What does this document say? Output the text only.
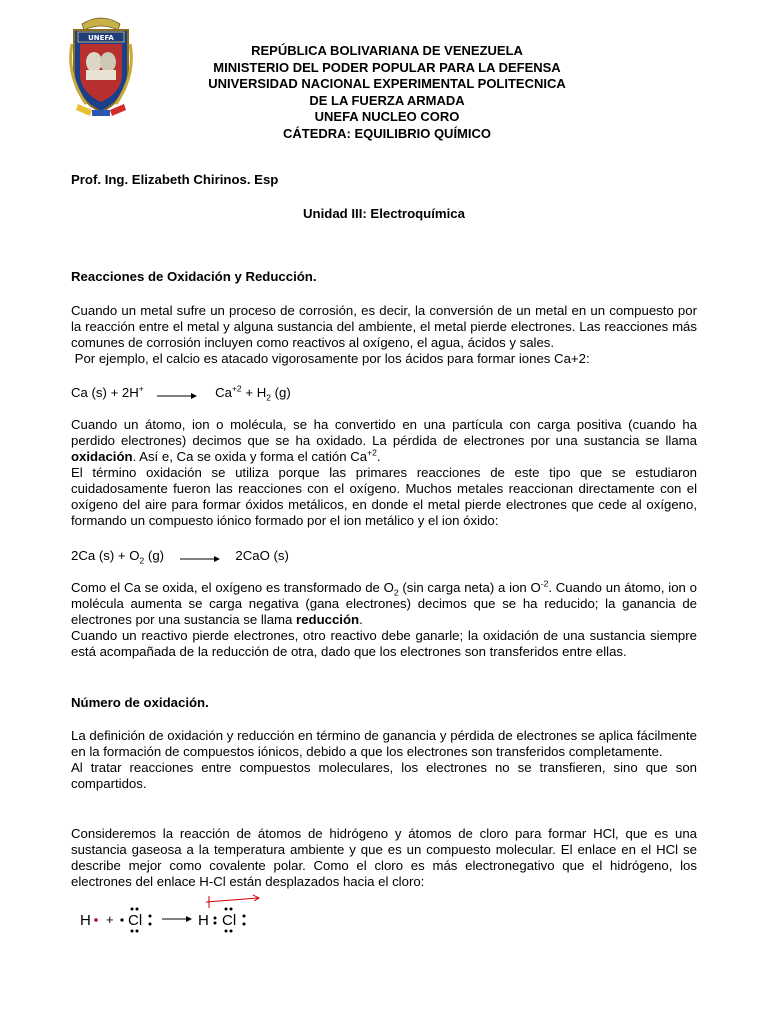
UNEFA
REPÚBLICA BOLIVARIANA DE VENEZUELA
MINISTERIO DEL PODER POPULAR PARA LA DEFENSA
UNIVERSIDAD NACIONAL EXPERIMENTAL POLITECNICA
DE LA FUERZA ARMADA
UNEFA NUCLEO CORO
CÁTEDRA: EQUILIBRIO QUÍMICO
Prof. Ing. Elizabeth Chirinos. Esp
Unidad III: Electroquímica
Reacciones de Oxidación y Reducción.

Cuando un metal sufre un proceso de corrosión, es decir, la conversión de un metal en un compuesto por la reacción entre el metal y alguna sustancia del ambiente, el metal pierde electrones. Las reacciones más comunes de corrosión incluyen como reactivos al oxígeno, el agua, ácidos y sales.

Por ejemplo, el calcio es atacado vigorosamente por los ácidos para formar iones Ca+2:
Ca $(s) + 2H^+ \to Ca^{+2} + H_2$ (g)

Cuando un átomo, ion o molécula, se ha convertido en una partícula con carga positiva (cuando ha perdido electrones) decimos que se ha oxidado. La pérdida de electrones por una sustancia se llama oxidación. Así e, Ca se oxida y forma el catión $Ca^{+2}$.

El término oxidación se utiliza porque las primares reacciones de este tipo que se estudiaron cuidadosamente fueron las reacciones con el oxígeno. Muchos metales reaccionan directamente con el oxígeno del aire para formar óxidos metálicos, en donde el metal pierde electrones que cede al oxígeno, formando un compuesto iónico formado por el ion metálico y el ion óxido:

2Ca $(s) + O_2$ (g) → 2CaO (s)

Como el Ca se oxida, el oxígeno es transformado de $O_2$ (sin carga neta) a ion $O^{-2}$. Cuando un átomo, ion o molécula aumenta se carga negativa (gana electrones) decimos que se ha reducido; la ganancia de electrones por una sustancia se llama reducción.

Cuando un reactivo pierde electrones, otro reactivo debe ganarle; la oxidación de una sustancia siempre está acompañada de la reducción de otra, dado que los electrones son transferidos entre ellas.

Número de oxidación.

La definición de oxidación y reducción en término de ganancia y pérdida de electrones se aplica fácilmente en la formación de compuestos iónicos, debido a que los electrones son transferidos completamente.

Al tratar reacciones entre compuestos moleculares, los electrones no se transfieren, sino que son compartidos.

Consideremos la reacción de átomos de hidrógeno y átomos de cloro para formar HCl, que es una sustancia gaseosa a la temperatura ambiente y que es un compuesto molecular. El enlace en el HCl se describe mejor como covalente polar. Como el cloro es más electronegativo que el hidrógeno, los electrones del enlace H-Cl están desplazados hacia el cloro:

H + Cl	H Cl
